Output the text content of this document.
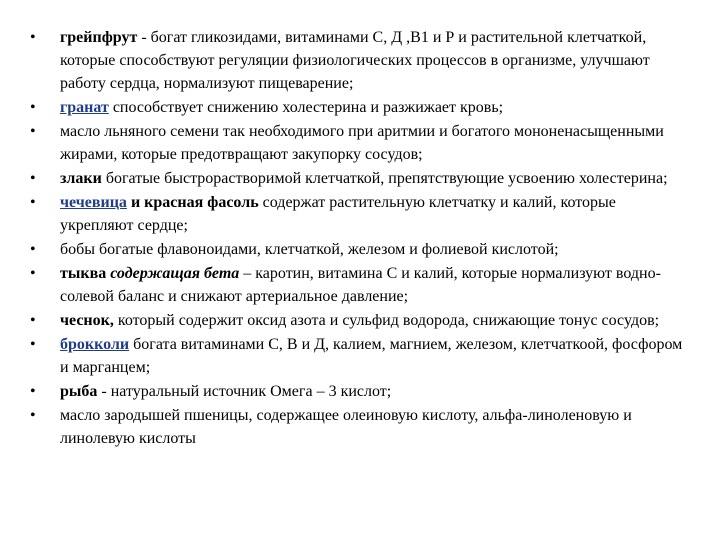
• грейпфрут - богат гликозидами, витаминами С, Д ,В1 и Р и растительной клетчаткой, которые способствуют регуляции физиологических процессов в организме, улучшают работу сердца, нормализуют пищеварение;
• гранат способствует снижению холестерина и разжижает кровь;
• масло льняного семени так необходимого при аритмии и богатого мононенасыщенными жирами, которые предотвращают закупорку сосудов;
• злаки богатые быстрорастворимой клетчаткой, препятствующие усвоению холестерина;
• чечевица и красная фасоль содержат растительную клетчатку и калий, которые укрепляют сердце;
• бобы богатые флавоноидами, клетчаткой, железом и фолиевой кислотой;
• тыква содержащая бета – каротин, витамина С и калий, которые нормализуют водно-солевой баланс и снижают артериальное давление;
• чеснок, который содержит оксид азота и сульфид водорода, снижающие тонус сосудов;
• брокколи богата витаминами С, В и Д, калием, магнием, железом, клетчаткоой, фосфором и марганцем;
• рыба - натуральный источник Омега – 3 кислот;
• масло зародышей пшеницы, содержащее олеиновую кислоту, альфа-линоленовую и линолевую кислоты
